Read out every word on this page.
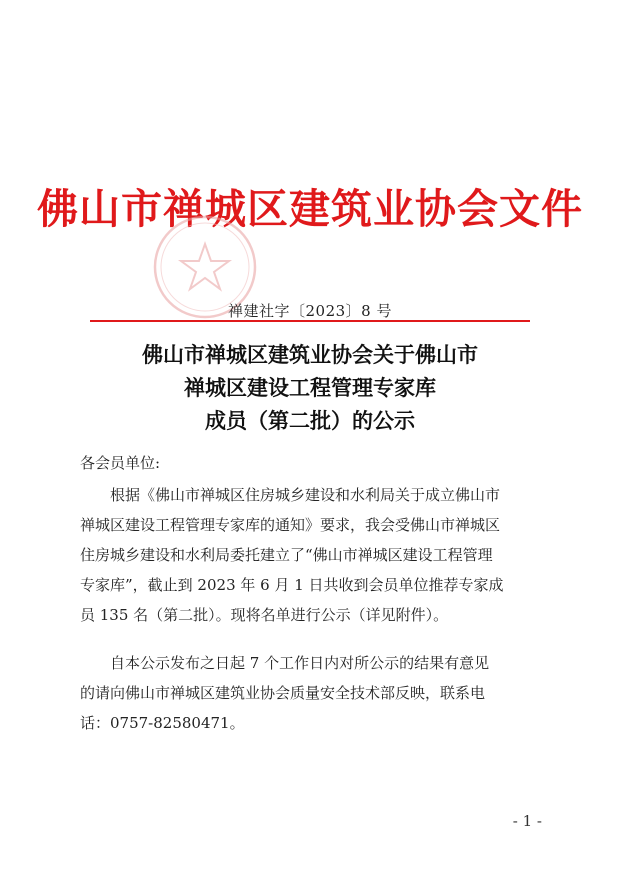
佛山市禅城区建筑业协会文件
禅建社字〔2023〕8 号
佛山市禅城区建筑业协会关于佛山市
禅城区建设工程管理专家库
成员（第二批）的公示
各会员单位:
根据《佛山市禅城区住房城乡建设和水利局关于成立佛山市
禅城区建设工程管理专家库的通知》要求，我会受佛山市禅城区
住房城乡建设和水利局委托建立了“佛山市禅城区建设工程管理
专家库”，截止到 2023 年 6 月 1 日共收到会员单位推荐专家成
员 135 名（第二批）。现将名单进行公示（详见附件）。
自本公示发布之日起 7 个工作日内对所公示的结果有意见
的请向佛山市禅城区建筑业协会质量安全技术部反映，联系电
话：0757-82580471。
- 1 -
